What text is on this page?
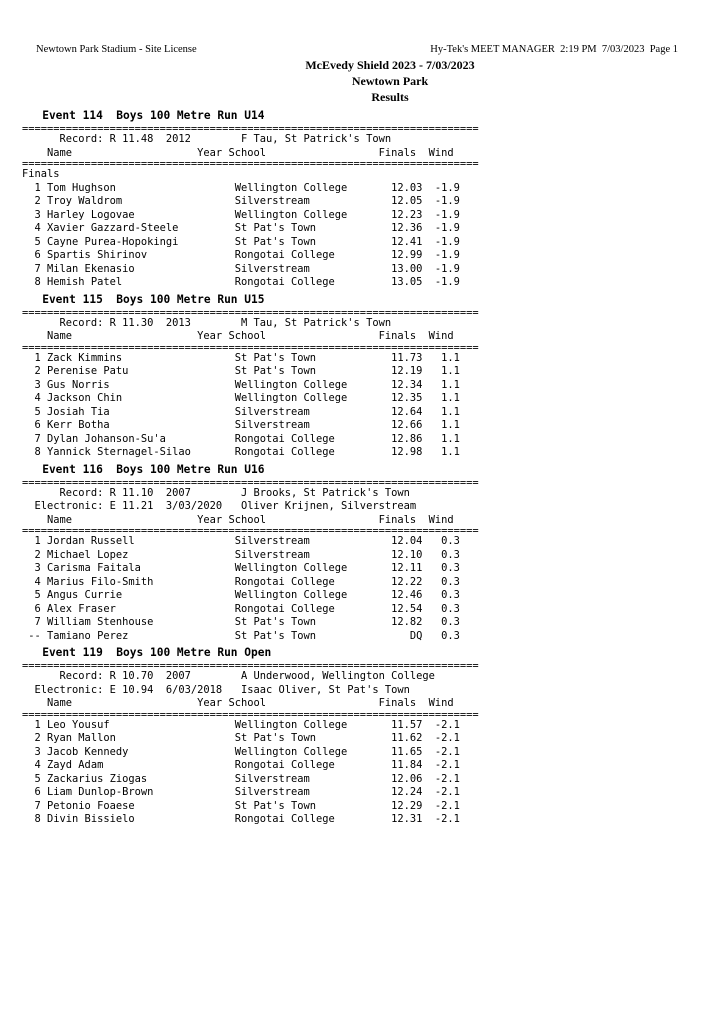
Newtown Park Stadium - Site License	Hy-Tek's MEET MANAGER  2:19 PM  7/03/2023  Page 1
McEvedy Shield 2023 - 7/03/2023
Newtown Park
Results
Event 114  Boys 100 Metre Run U14
=========================================================================
Record: R 11.48  2012        F Tau, St Patrick's Town
Name                    Year School                  Finals  Wind
=========================================================================
Finals
1 Tom Hughson                   Wellington College       12.03  -1.9
2 Troy Waldrom                  Silverstream             12.05  -1.9
3 Harley Logovae                Wellington College       12.23  -1.9
4 Xavier Gazzard-Steele         St Pat's Town            12.36  -1.9
5 Cayne Purea-Hopokingi         St Pat's Town            12.41  -1.9
6 Spartis Shirinov              Rongotai College         12.99  -1.9
7 Milan Ekenasio                Silverstream             13.00  -1.9
8 Hemish Patel                  Rongotai College         13.05  -1.9
Event 115  Boys 100 Metre Run U15
=========================================================================
Record: R 11.30  2013        M Tau, St Patrick's Town
Name                    Year School                  Finals  Wind
=========================================================================
1 Zack Kimmins                  St Pat's Town            11.73   1.1
2 Perenise Patu                 St Pat's Town            12.19   1.1
3 Gus Norris                    Wellington College       12.34   1.1
4 Jackson Chin                  Wellington College       12.35   1.1
5 Josiah Tia                    Silverstream             12.64   1.1
6 Kerr Botha                    Silverstream             12.66   1.1
7 Dylan Johanson-Su'a           Rongotai College         12.86   1.1
8 Yannick Sternagel-Silao       Rongotai College         12.98   1.1
Event 116  Boys 100 Metre Run U16
=========================================================================
Record: R 11.10  2007        J Brooks, St Patrick's Town
Electronic: E 11.21  3/03/2020   Oliver Krijnen, Silverstream
Name                    Year School                  Finals  Wind
=========================================================================
1 Jordan Russell                Silverstream             12.04   0.3
2 Michael Lopez                 Silverstream             12.10   0.3
3 Carisma Faitala               Wellington College       12.11   0.3
4 Marius Filo-Smith             Rongotai College         12.22   0.3
5 Angus Currie                  Wellington College       12.46   0.3
6 Alex Fraser                   Rongotai College         12.54   0.3
7 William Stenhouse             St Pat's Town            12.82   0.3
-- Tamiano Perez                 St Pat's Town               DQ   0.3
Event 119  Boys 100 Metre Run Open
=========================================================================
Record: R 10.70  2007        A Underwood, Wellington College
Electronic: E 10.94  6/03/2018   Isaac Oliver, St Pat's Town
Name                    Year School                  Finals  Wind
=========================================================================
1 Leo Yousuf                    Wellington College       11.57  -2.1
2 Ryan Mallon                   St Pat's Town            11.62  -2.1
3 Jacob Kennedy                 Wellington College       11.65  -2.1
4 Zayd Adam                     Rongotai College         11.84  -2.1
5 Zackarius Ziogas              Silverstream             12.06  -2.1
6 Liam Dunlop-Brown             Silverstream             12.24  -2.1
7 Petonio Foaese                St Pat's Town            12.29  -2.1
8 Divin Bissielo                Rongotai College         12.31  -2.1
